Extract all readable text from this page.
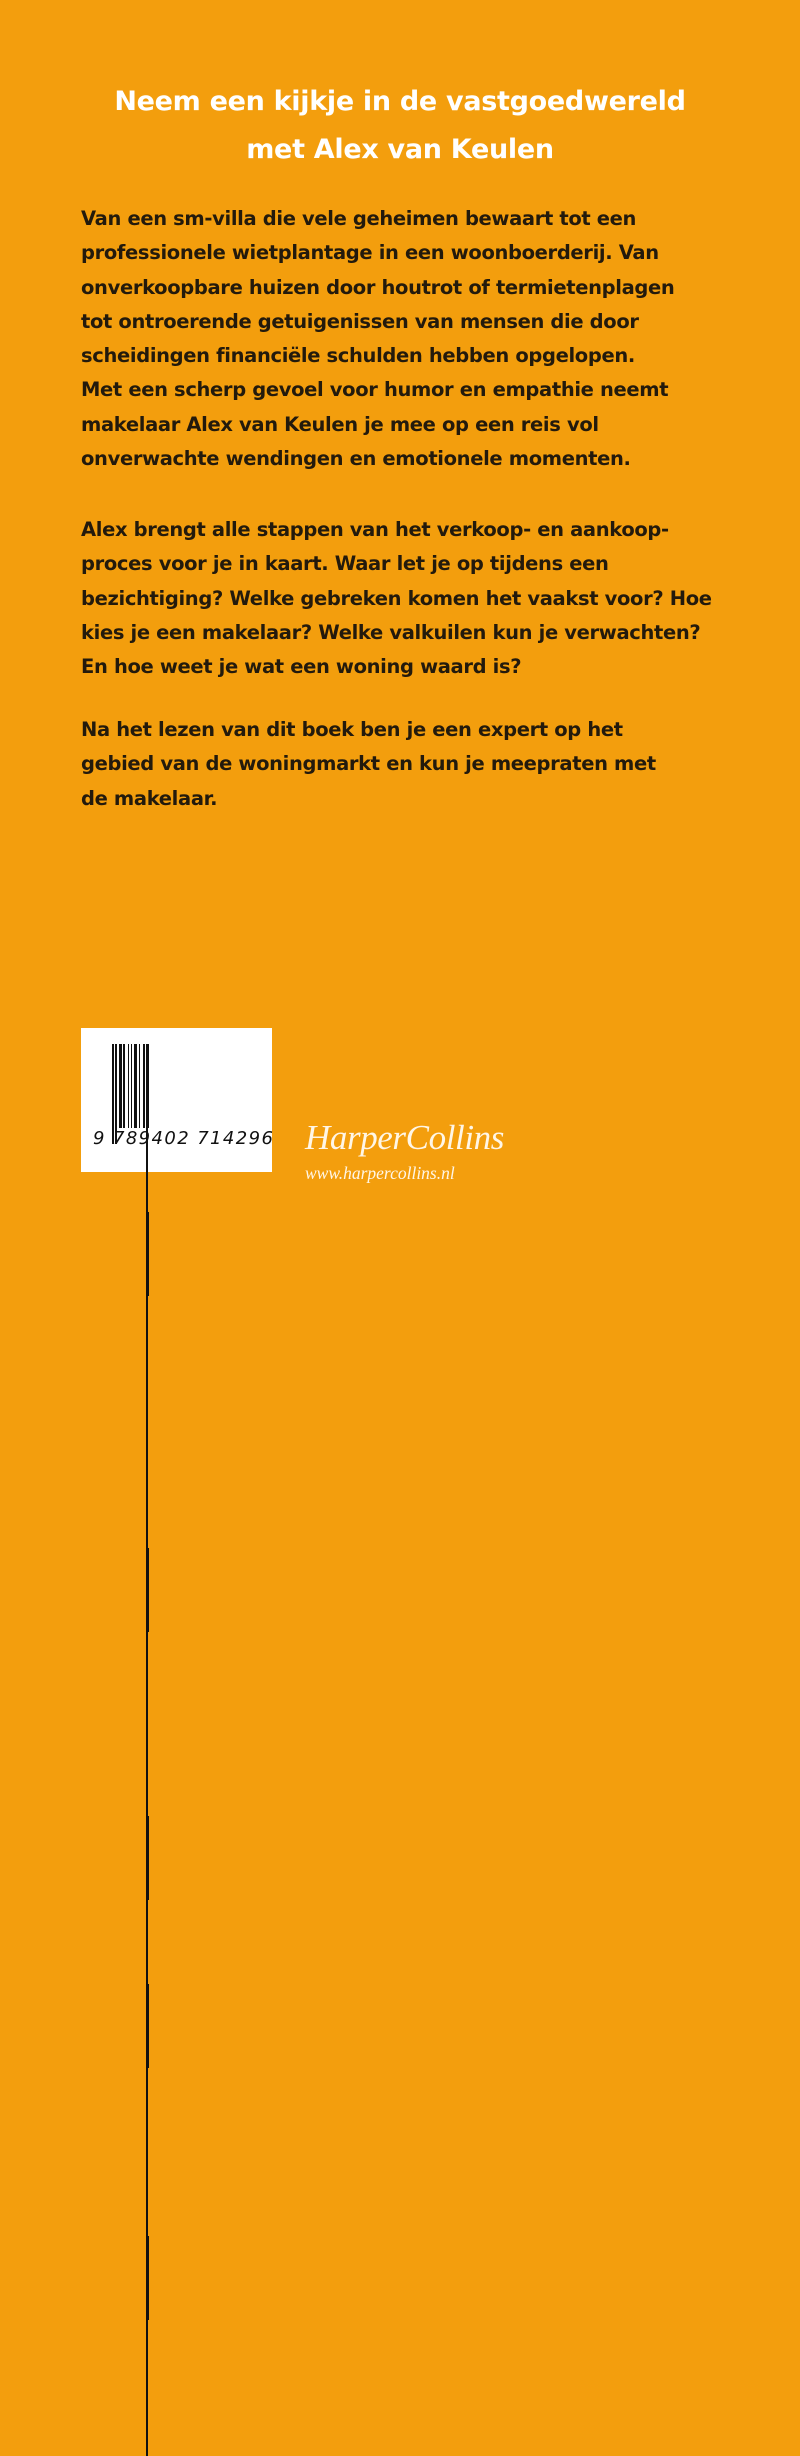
Neem een kijkje in de vastgoedwereld
met Alex van Keulen
Van een sm-villa die vele geheimen bewaart tot een
professionele wietplantage in een woonboerderij. Van
onverkoopbare huizen door houtrot of termietenplagen
tot ontroerende getuigenissen van mensen die door
scheidingen financiële schulden hebben opgelopen.
Met een scherp gevoel voor humor en empathie neemt
makelaar Alex van Keulen je mee op een reis vol
onverwachte wendingen en emotionele momenten.
Alex brengt alle stappen van het verkoop- en aankoop-
proces voor je in kaart. Waar let je op tijdens een
bezichtiging? Welke gebreken komen het vaakst voor? Hoe
kies je een makelaar? Welke valkuilen kun je verwachten?
En hoe weet je wat een woning waard is?
Na het lezen van dit boek ben je een expert op het
gebied van de woningmarkt en kun je meepraten met
de makelaar.
9 789402 714296 HarperCollins
www.harpercollins.nl
